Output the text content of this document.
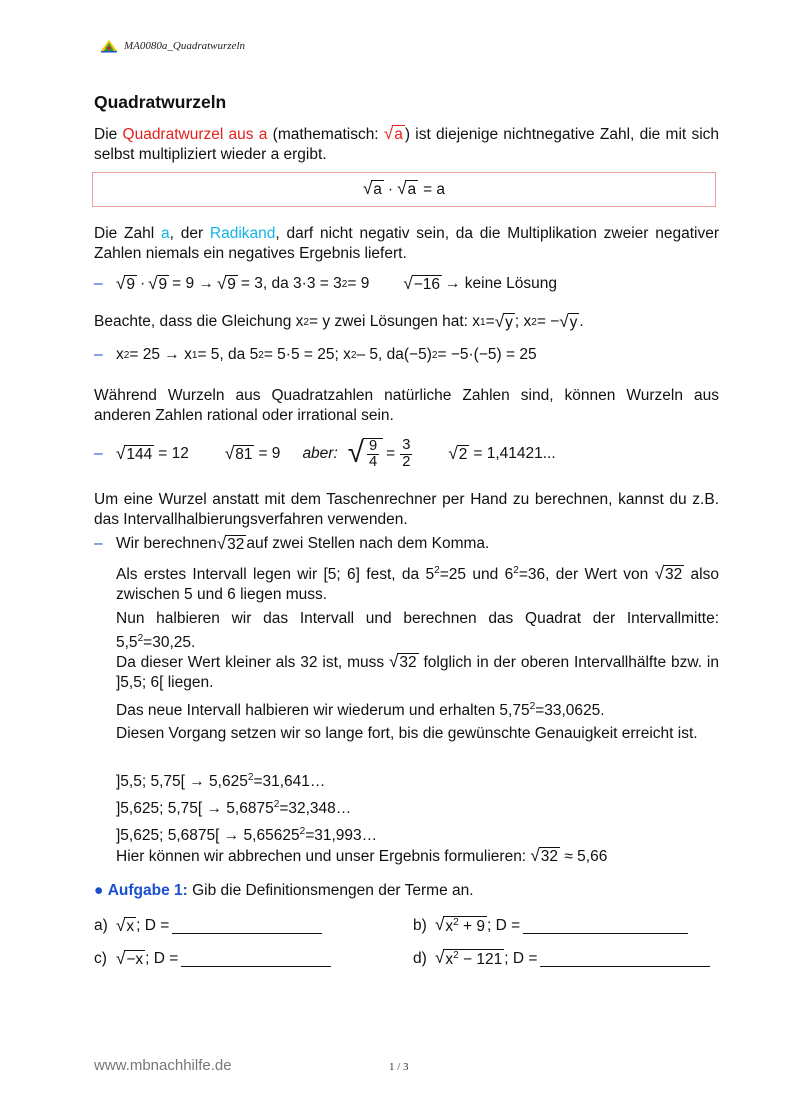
MA0080a_Quadratwurzeln
Quadratwurzeln
Die Quadratwurzel aus a (mathematisch: √ a ) ist diejenige nichtnegative Zahl, die mit sich selbst multipliziert wieder a ergibt.
√ a · √ a = a
Die Zahl a, der Radikand, darf nicht negativ sein, da die Multiplikation zweier negativer Zahlen niemals ein negatives Ergebnis liefert.
– √ 9 · √ 9 = 9 → √ 9 = 3, da 3·3 = 3 2 = 9 √ −16 → keine Lösung
Beachte, dass die Gleichung x 2 = y zwei Lösungen hat: x 1 = √ y ; x 2 = − √ y .
– x 2 = 25 → x 1 = 5, da 5 2 = 5·5 = 25; x 2 – 5, da(−5) 2 = −5·(−5) = 25
Während Wurzeln aus Quadratzahlen natürliche Zahlen sind, können Wurzeln aus anderen Zahlen rational oder irrational sein.
– √ 144 = 12 √ 81 = 9 aber: √ $\frac{9}{4} = \frac{3}{2}$ √ 2 = 1,41421...
Um eine Wurzel anstatt mit dem Taschenrechner per Hand zu berechnen, kannst du z.B. das Intervallhalbierungsverfahren verwenden.
– Wir berechnen √ 32 auf zwei Stellen nach dem Komma.
Als erstes Intervall legen wir [5; 6] fest, da $5^2=25$ und $6^2=36$, der Wert von √ 32 also zwischen 5 und 6 liegen muss.
Nun halbieren wir das Intervall und berechnen das Quadrat der Intervallmitte: $5,5^2=30,25$.
Da dieser Wert kleiner als 32 ist, muss √ 32 folglich in der oberen Intervallhälfte bzw. in ]5,5; 6[ liegen.
Das neue Intervall halbieren wir wiederum und erhalten $5,75^2=33,0625$.
Diesen Vorgang setzen wir so lange fort, bis die gewünschte Genauigkeit erreicht ist.
]5,5; $5,75[ \to 5,625^2=31,641\dots$
]5,625; $5,75[ \to 5,6875^2=32,348\dots$
]5,625; $5,6875[ \to 5,65625^2=31,993\dots$
Hier können wir abbrechen und unser Ergebnis formulieren: √ 32 ≈ 5,66
● Aufgabe 1: Gib die Definitionsmengen der Terme an.
a) √ x ; D =	b) √ $x^2 + 9$ ; D =
c) √ −x ; D =	d) √ $x^2 - 121$ ; D =
www.mbnachhilfe.de	1 / 3
